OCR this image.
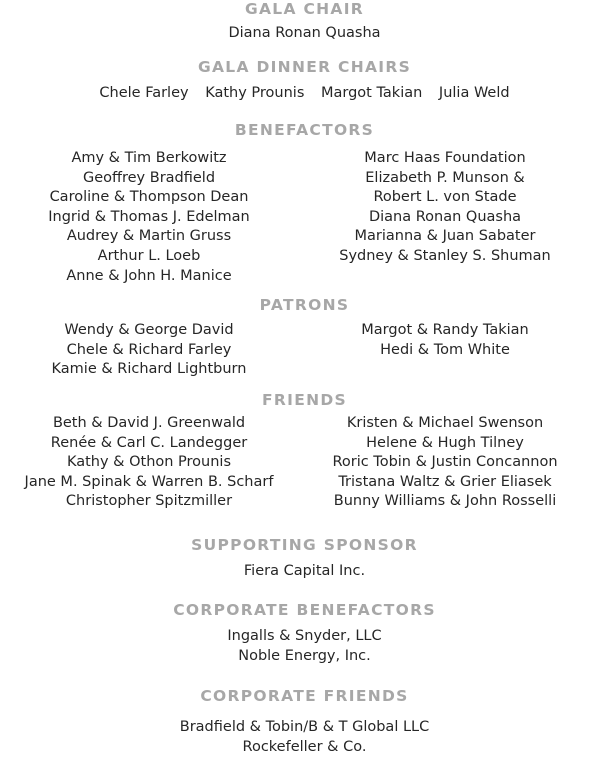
GALA CHAIR
Diana Ronan Quasha
GALA DINNER CHAIRS
Chele Farley Kathy Prounis Margot Takian Julia Weld
BENEFACTORS
Amy & Tim Berkowitz
Geoffrey Bradfield
Caroline & Thompson Dean
Ingrid & Thomas J. Edelman
Audrey & Martin Gruss
Arthur L. Loeb
Anne & John H. Manice
Marc Haas Foundation
Elizabeth P. Munson &
Robert L. von Stade
Diana Ronan Quasha
Marianna & Juan Sabater
Sydney & Stanley S. Shuman
PATRONS
Wendy & George David
Chele & Richard Farley
Kamie & Richard Lightburn
Margot & Randy Takian
Hedi & Tom White
FRIENDS
Beth & David J. Greenwald
Renée & Carl C. Landegger
Kathy & Othon Prounis
Jane M. Spinak & Warren B. Scharf
Christopher Spitzmiller
Kristen & Michael Swenson
Helene & Hugh Tilney
Roric Tobin & Justin Concannon
Tristana Waltz & Grier Eliasek
Bunny Williams & John Rosselli
SUPPORTING SPONSOR
Fiera Capital Inc.
CORPORATE BENEFACTORS
Ingalls & Snyder, LLC
Noble Energy, Inc.
CORPORATE FRIENDS
Bradfield & Tobin/B & T Global LLC
Rockefeller & Co.
